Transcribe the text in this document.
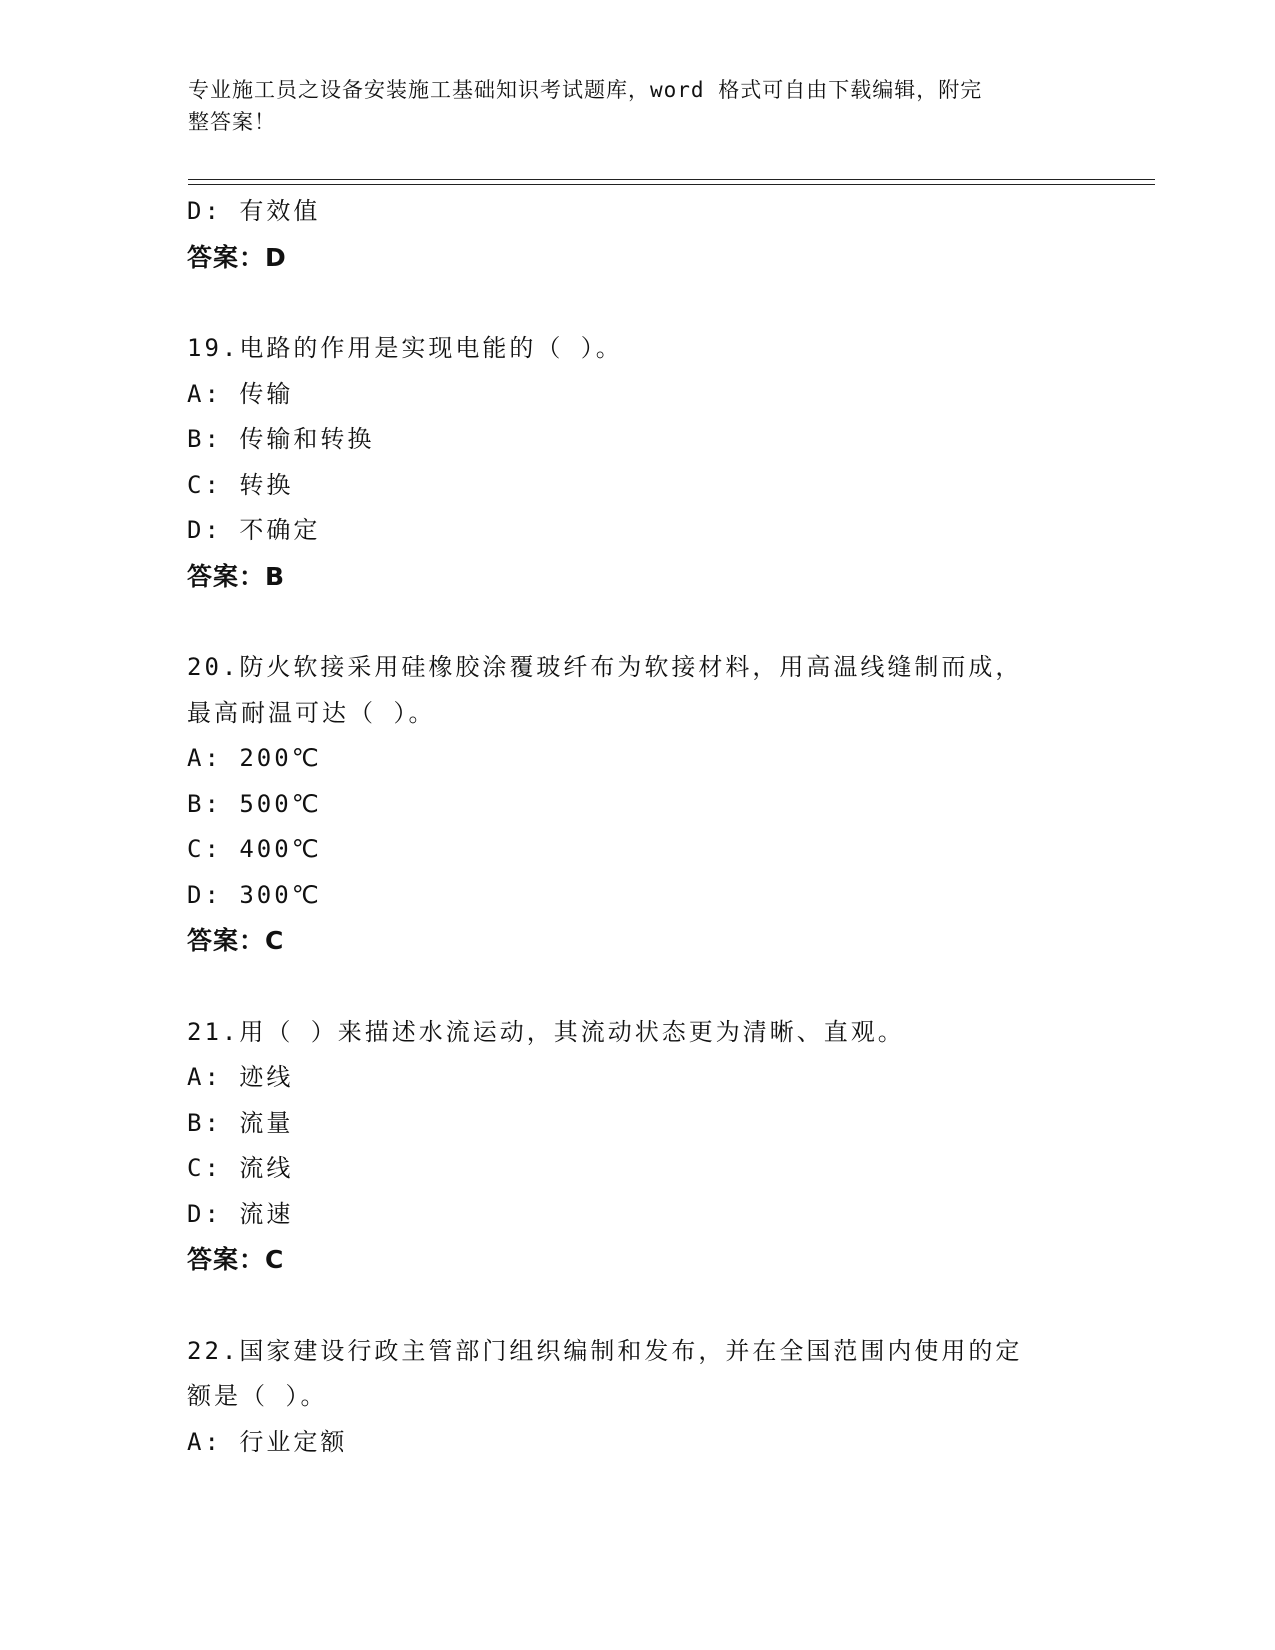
专业施工员之设备安装施工基础知识考试题库，word 格式可自由下载编辑，附完
整答案！
D: 有效值
答案：D
19.电路的作用是实现电能的（ ）。
A: 传输
B: 传输和转换
C: 转换
D: 不确定
答案：B
20.防火软接采用硅橡胶涂覆玻纤布为软接材料，用高温线缝制而成，
最高耐温可达（ ）。
A: 200℃
B: 500℃
C: 400℃
D: 300℃
答案：C
21.用（ ）来描述水流运动，其流动状态更为清晰、直观。
A: 迹线
B: 流量
C: 流线
D: 流速
答案：C
22.国家建设行政主管部门组织编制和发布，并在全国范围内使用的定
额是（ ）。
A: 行业定额
